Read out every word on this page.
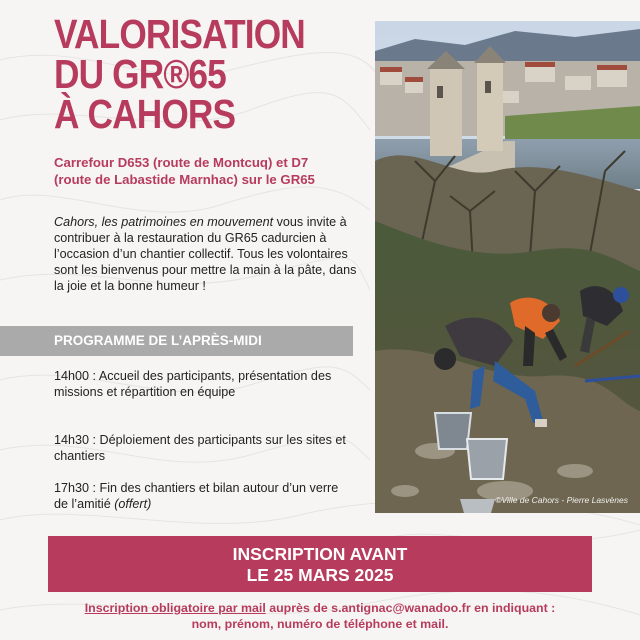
VALORISATION
DU GR®65
À CAHORS
Carrefour D653 (route de Montcuq) et D7
(route de Labastide Marnhac) sur le GR65
Cahors, les patrimoines en mouvement vous invite à contribuer à la restauration du GR65 cadurcien à l’occasion d’un chantier collectif. Tous les volontaires sont les bienvenus pour mettre la main à la pâte, dans la joie et la bonne humeur !
PROGRAMME DE L’APRÈS-MIDI
14h00 : Accueil des participants, présentation des missions et répartition en équipe
14h30 : Déploiement des participants sur les sites et chantiers
17h30 : Fin des chantiers et bilan autour d’un verre de l’amitié (offert)	©Ville de Cahors - Pierre Lasvènes
INSCRIPTION AVANT
LE 25 MARS 2025
Inscription obligatoire par mail auprès de s.antignac@wanadoo.fr en indiquant :
nom, prénom, numéro de téléphone et mail.
